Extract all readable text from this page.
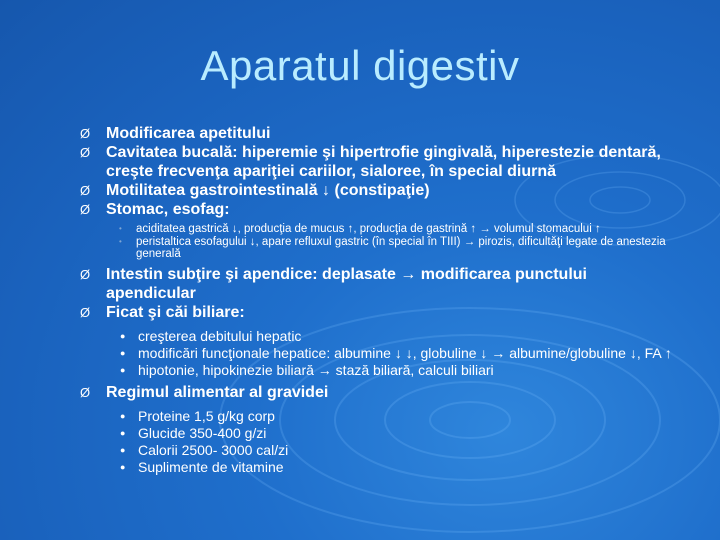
Aparatul digestiv
Ø Modificarea apetitului
Ø Cavitatea bucală: hiperemie şi hipertrofie gingivală, hiperestezie dentară, creşte frecvenţa apariţiei cariilor, sialoree, în special diurnă
Ø Motilitatea gastrointestinală ↓ (constipaţie)
Ø Stomac, esofag:
• aciditatea gastrică ↓, producţia de mucus ↑, producţia de gastrină ↑ → volumul stomacului ↑
• peristaltica esofagului ↓, apare refluxul gastric (în special în TIII) → pirozis, dificultăţi legate de anestezia generală
Ø Intestin subţire şi apendice: deplasate → modificarea punctului apendicular
Ø Ficat şi căi biliare:
● creşterea debitului hepatic
● modificări funcţionale hepatice: albumine ↓ ↓, globuline ↓ → albumine/globuline ↓, FA ↑
● hipotonie, hipokinezie biliară → stază biliară, calculi biliari
Ø Regimul alimentar al gravidei
● Proteine 1,5 g/kg corp
● Glucide 350-400 g/zi
● Calorii 2500- 3000 cal/zi
● Suplimente de vitamine
